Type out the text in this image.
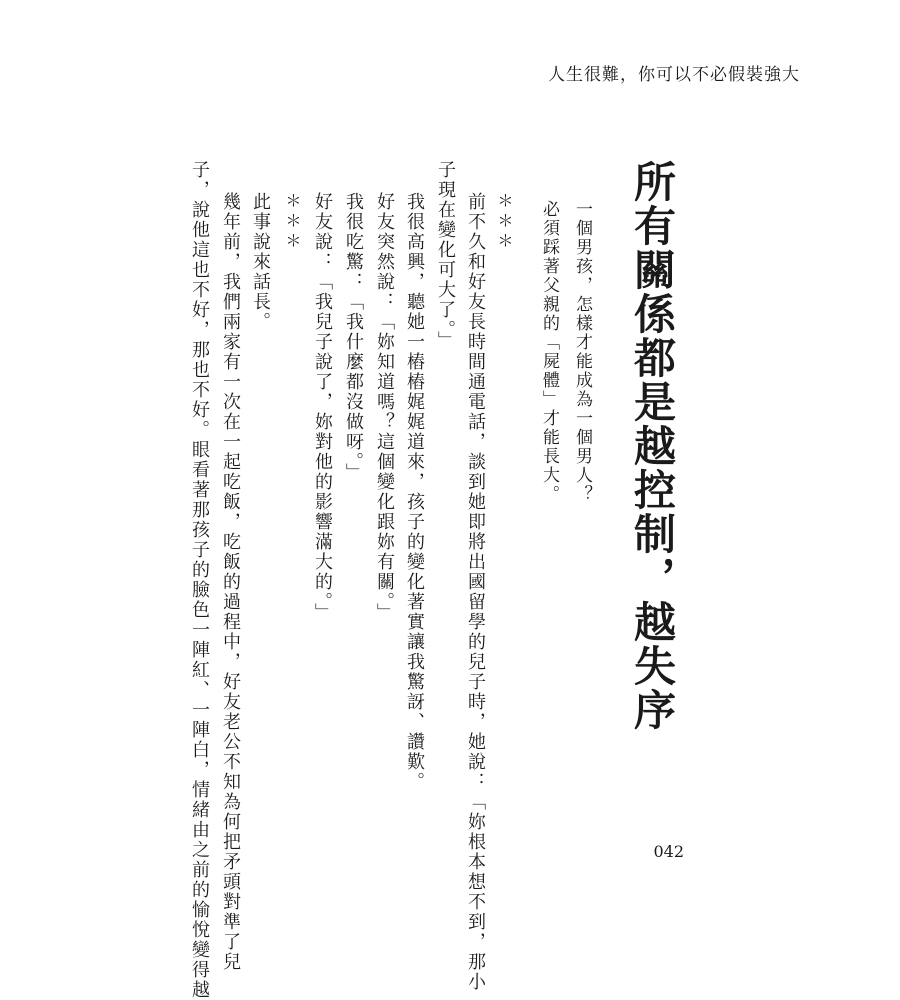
人生很難，你可以不必假裝強大
所有關係都是越控制，越失序
一個男孩，怎樣才能成為一個男人？
必須踩著父親的「屍體」才能長大。
＊＊＊
前不久和好友長時間通電話，談到她即將出國留學的兒子時，她說：「妳根本想不到，那小
子現在變化可大了。」
我很高興，聽她一樁樁娓娓道來，孩子的變化著實讓我驚訝、讚歎。
好友突然說：「妳知道嗎？這個變化跟妳有關。」
我很吃驚：「我什麼都沒做呀。」
好友說：「我兒子說了，妳對他的影響滿大的。」
＊＊＊
此事說來話長。
幾年前，我們兩家有一次在一起吃飯，吃飯的過程中，好友老公不知為何把矛頭對準了兒
子，說他這也不好，那也不好。眼看著那孩子的臉色一陣紅、一陣白，情緒由之前的愉悅變得越	042
